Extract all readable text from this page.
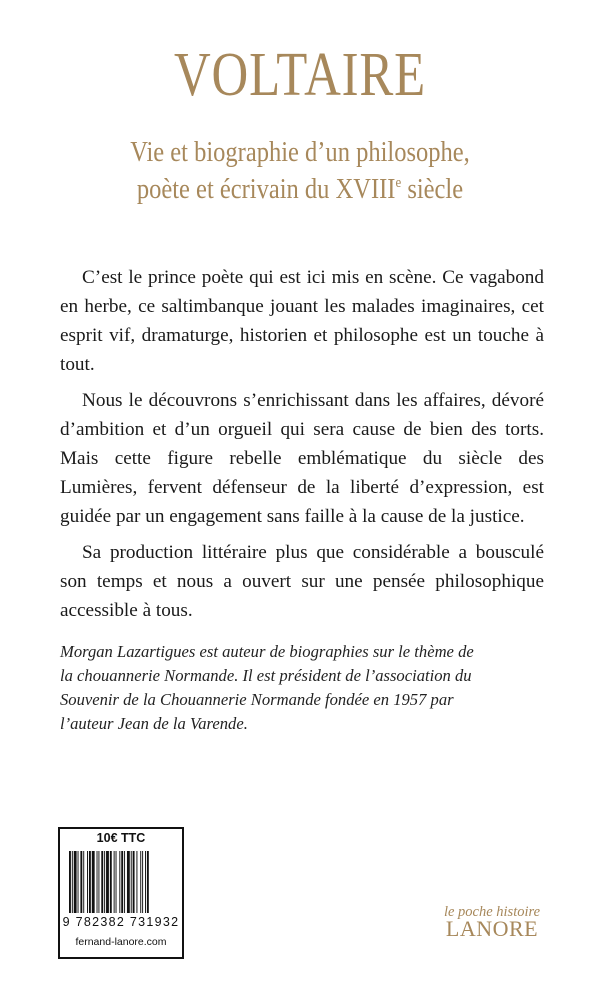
VOLTAIRE
Vie et biographie d’un philosophe,
poète et écrivain du XVIIIe siècle

C’est le prince poète qui est ici mis en scène. Ce vagabond en herbe, ce saltimbanque jouant les malades imaginaires, cet esprit vif, dramaturge, historien et philosophe est un touche à tout.

Nous le découvrons s’enrichissant dans les affaires, dévoré d’ambition et d’un orgueil qui sera cause de bien des torts. Mais cette figure rebelle emblématique du siècle des Lumières, fervent défenseur de la liberté d’expression, est guidée par un engagement sans faille à la cause de la justice.

Sa production littéraire plus que considérable a bousculé son temps et nous a ouvert sur une pensée philosophique accessible à tous.

Morgan Lazartigues est auteur de biographies sur le thème de
la chouannerie Normande. Il est président de l’association du
Souvenir de la Chouannerie Normande fondée en 1957 par
l’auteur Jean de la Varende.
10€ TTC
9 782382 731932
fernand-lanore.com
le poche histoire
LANORE
